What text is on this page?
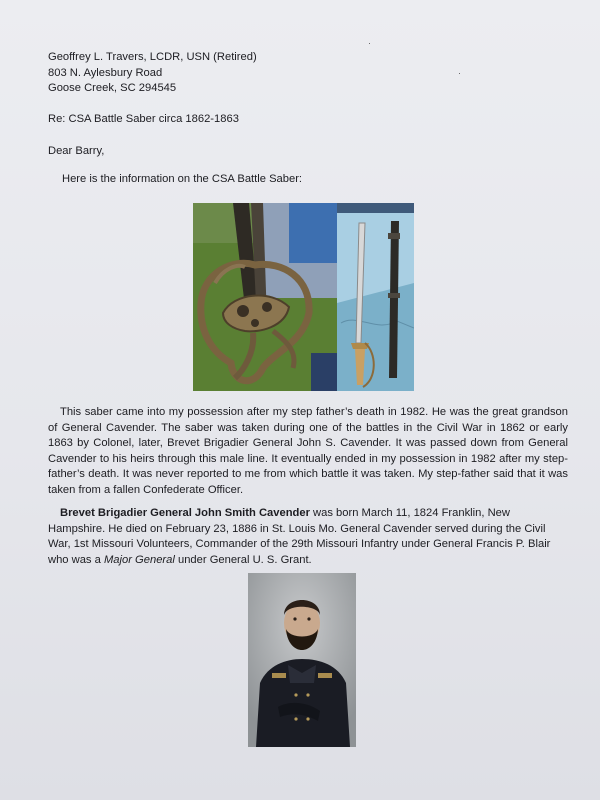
·
·
Geoffrey L. Travers, LCDR, USN (Retired)
803 N. Aylesbury Road
Goose Creek, SC 294545
Re: CSA Battle Saber circa 1862-1863
Dear Barry,
Here is the information on the CSA Battle Saber:
This saber came into my possession after my step father’s death in 1982. He was the great grandson of General Cavender. The saber was taken during one of the battles in the Civil War in 1862 or early 1863 by Colonel, later, Brevet Brigadier General John S. Cavender. It was passed down from General Cavender to his heirs through this male line. It eventually ended in my possession in 1982 after my step-father’s death. It was never reported to me from which battle it was taken. My step-father said that it was taken from a fallen Confederate Officer.
Brevet Brigadier General John Smith Cavender was born March 11, 1824 Franklin, New Hampshire. He died on February 23, 1886 in St. Louis Mo. General Cavender served during the Civil War, 1st Missouri Volunteers, Commander of the 29th Missouri Infantry under General Francis P. Blair who was a Major General under General U. S. Grant.
